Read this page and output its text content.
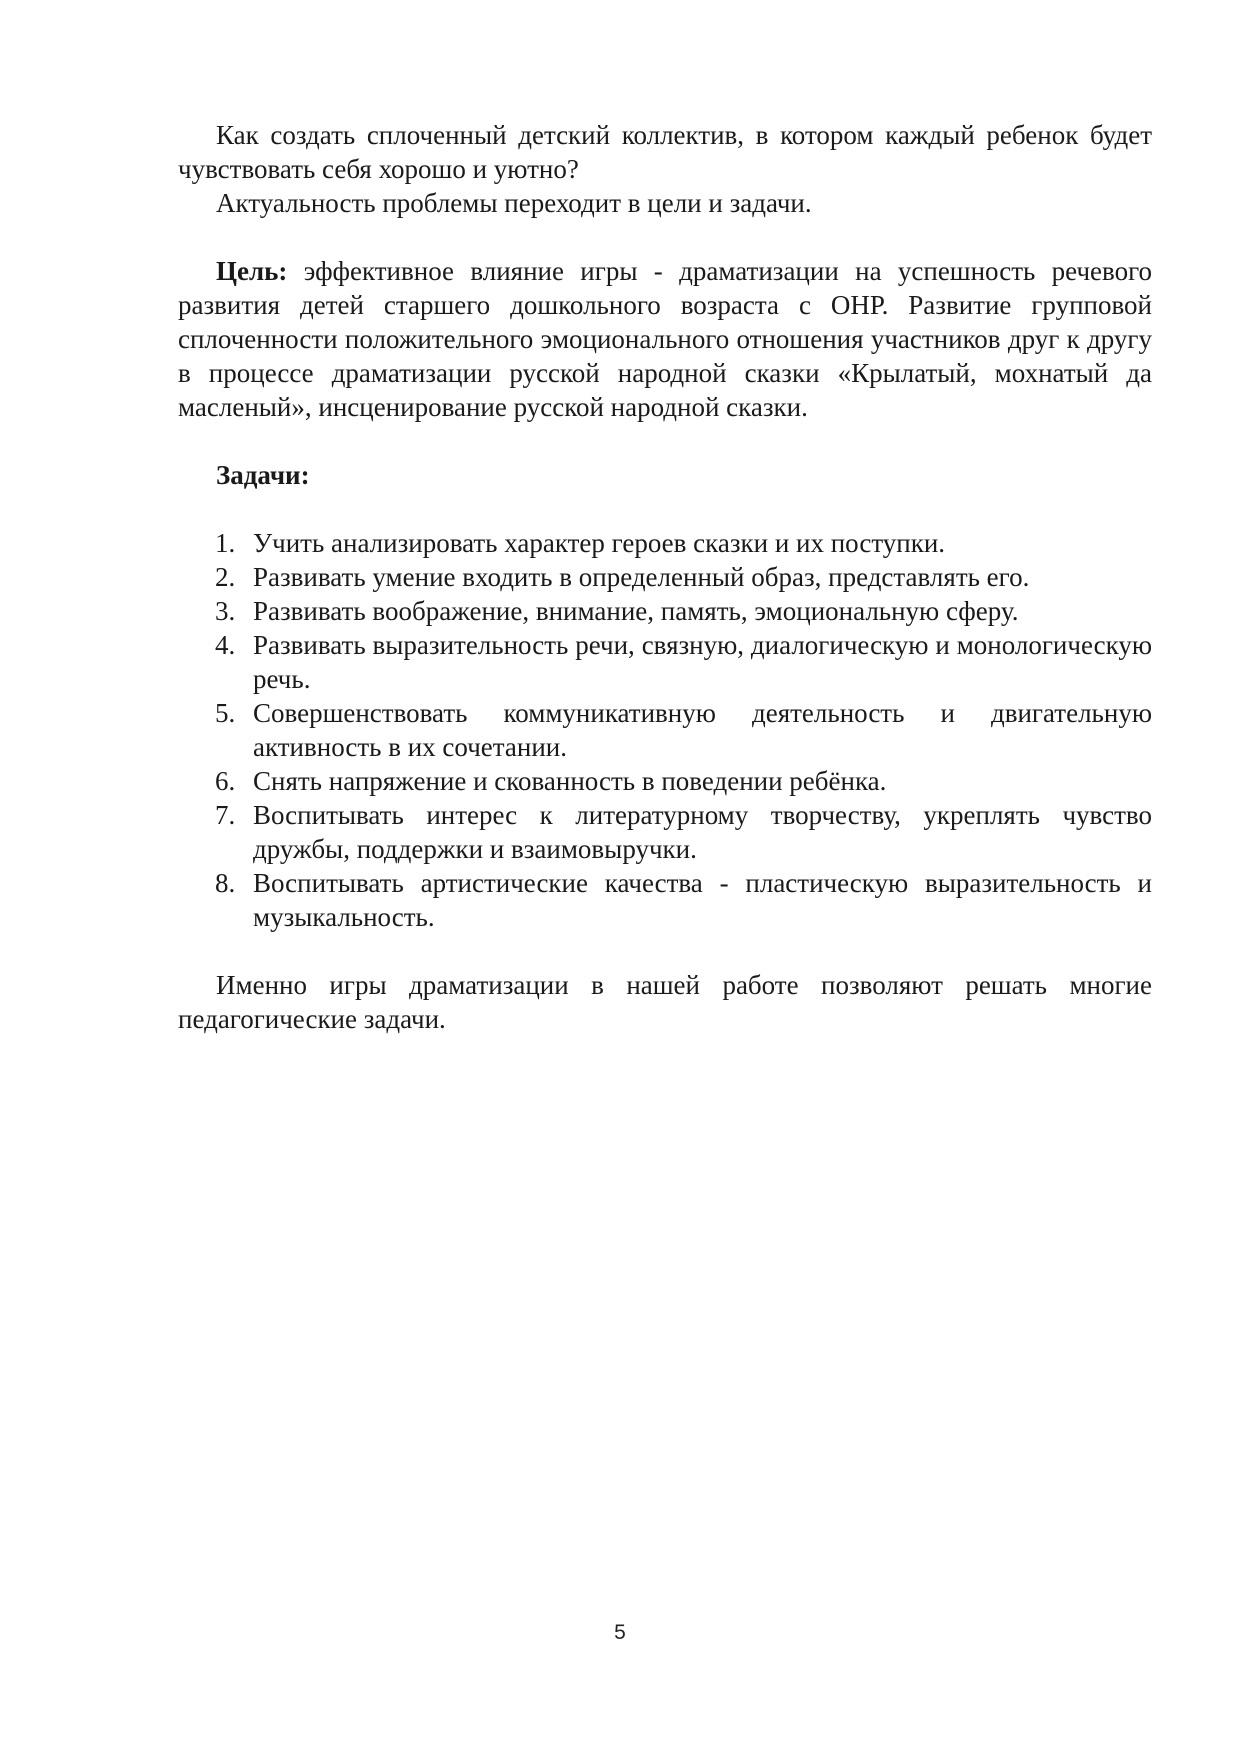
Как создать сплоченный детский коллектив, в котором каждый ребенок будет чувствовать себя хорошо и уютно?

Актуальность проблемы переходит в цели и задачи.

Цель: эффективное влияние игры - драматизации на успешность речевого развития детей старшего дошкольного возраста с ОНР. Развитие групповой сплоченности положительного эмоционального отношения участников друг к другу в процессе драматизации русской народной сказки «Крылатый, мохнатый да масленый», инсценирование русской народной сказки.

Задачи:
1. Учить анализировать характер героев сказки и их поступки.
2. Развивать умение входить в определенный образ, представлять его.
3. Развивать воображение, внимание, память, эмоциональную сферу.
4. Развивать выразительность речи, связную, диалогическую и монологическую речь.
5. Совершенствовать коммуникативную деятельность и двигательную активность в их сочетании.
6. Снять напряжение и скованность в поведении ребёнка.
7. Воспитывать интерес к литературному творчеству, укреплять чувство дружбы, поддержки и взаимовыручки.
8. Воспитывать артистические качества - пластическую выразительность и музыкальность.

Именно игры драматизации в нашей работе позволяют решать многие педагогические задачи.

5
